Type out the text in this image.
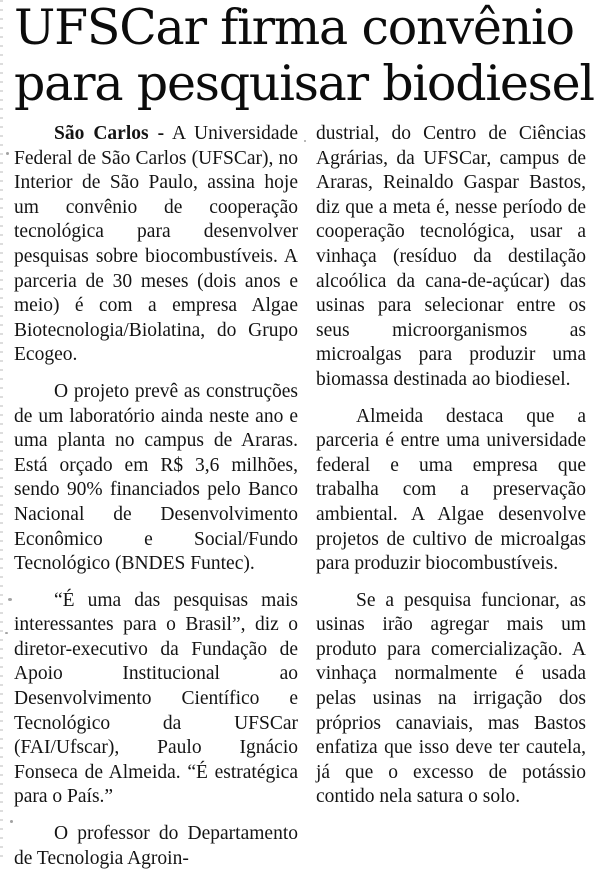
UFSCar firma convênio
para pesquisar biodiesel

São Carlos - A Universidade Federal de São Carlos (UFSCar), no Interior de São Paulo, assina hoje um convênio de cooperação tecnológica para desenvolver pesquisas sobre biocombustíveis. A parceria de 30 meses (dois anos e meio) é com a empresa Algae Biotecnologia/Biolatina, do Grupo Ecogeo.

O projeto prevê as construções de um laboratório ainda neste ano e uma planta no campus de Araras. Está orçado em R$ 3,6 milhões, sendo 90% financiados pelo Banco Nacional de Desenvolvimento Econômico e Social/Fundo Tecnológico (BNDES Funtec).

“É uma das pesquisas mais interessantes para o Brasil”, diz o diretor-executivo da Fundação de Apoio Institucional ao Desenvolvimento Científico e Tecnológico da UFSCar (FAI/Ufscar), Paulo Ignácio Fonseca de Almeida. “É estratégica para o País.”

O professor do Departamento de Tecnologia Agroin-

dustrial, do Centro de Ciências Agrárias, da UFSCar, campus de Araras, Reinaldo Gaspar Bastos, diz que a meta é, nesse período de cooperação tecnológica, usar a vinhaça (resíduo da destilação alcoólica da cana-de-açúcar) das usinas para selecionar entre os seus microorganismos as microalgas para produzir uma biomassa destinada ao biodiesel.

Almeida destaca que a parceria é entre uma universidade federal e uma empresa que trabalha com a preservação ambiental. A Algae desenvolve projetos de cultivo de microalgas para produzir biocombustíveis.

Se a pesquisa funcionar, as usinas irão agregar mais um produto para comercialização. A vinhaça normalmente é usada pelas usinas na irrigação dos próprios canaviais, mas Bastos enfatiza que isso deve ter cautela, já que o excesso de potássio contido nela satura o solo.
